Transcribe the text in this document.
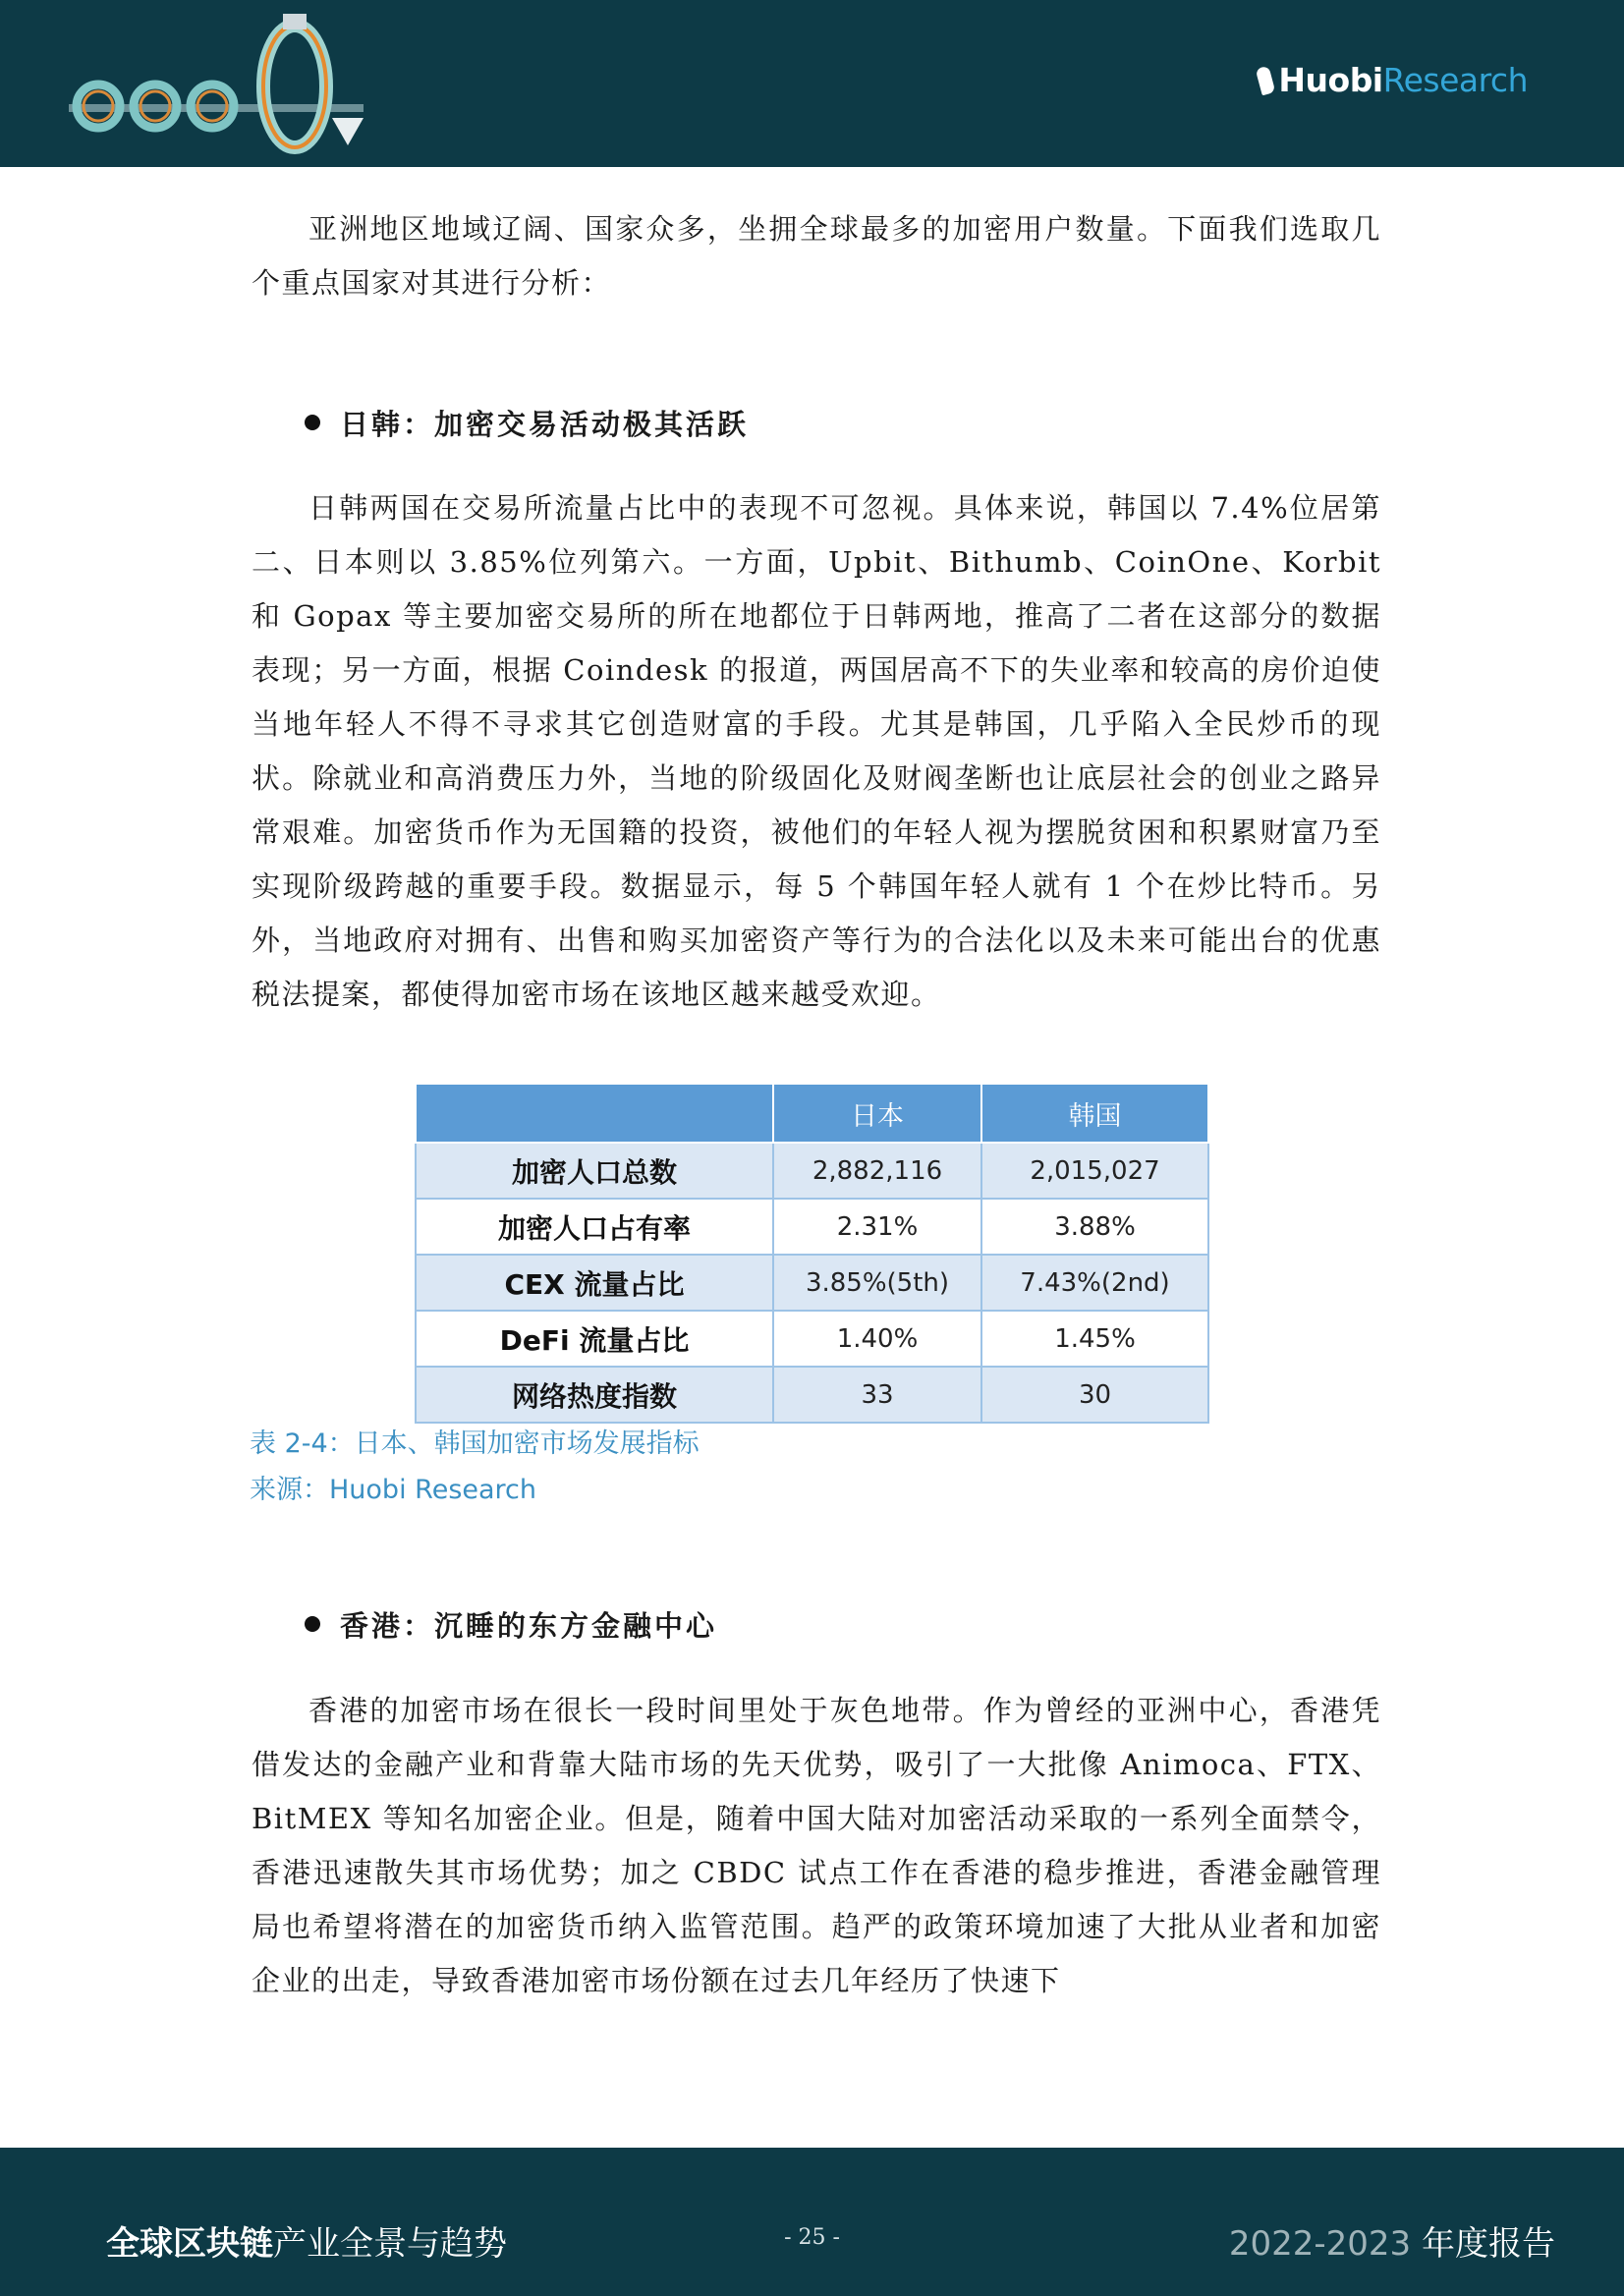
HuobiResearch
亚洲地区地域辽阔、国家众多，坐拥全球最多的加密用户数量。下面我们选取几个重点国家对其进行分析：
日韩：加密交易活动极其活跃
日韩两国在交易所流量占比中的表现不可忽视。具体来说，韩国以 7.4%位居第二、日本则以 3.85%位列第六。一方面，Upbit、Bithumb、CoinOne、Korbit 和 Gopax 等主要加密交易所的所在地都位于日韩两地，推高了二者在这部分的数据表现；另一方面，根据 Coindesk 的报道，两国居高不下的失业率和较高的房价迫使当地年轻人不得不寻求其它创造财富的手段。尤其是韩国，几乎陷入全民炒币的现状。除就业和高消费压力外，当地的阶级固化及财阀垄断也让底层社会的创业之路异常艰难。加密货币作为无国籍的投资，被他们的年轻人视为摆脱贫困和积累财富乃至实现阶级跨越的重要手段。数据显示，每 5 个韩国年轻人就有 1 个在炒比特币。另外，当地政府对拥有、出售和购买加密资产等行为的合法化以及未来可能出台的优惠税法提案，都使得加密市场在该地区越来越受欢迎。
	日本	韩国
加密人口总数	2,882,116	2,015,027
加密人口占有率	2.31%	3.88%
CEX 流量占比	3.85%(5th)	7.43%(2nd)
DeFi 流量占比	1.40%	1.45%
网络热度指数	33	30
表 2-4：日本、韩国加密市场发展指标
来源：Huobi Research
香港：沉睡的东方金融中心
香港的加密市场在很长一段时间里处于灰色地带。作为曾经的亚洲中心，香港凭借发达的金融产业和背靠大陆市场的先天优势，吸引了一大批像 Animoca、FTX、BitMEX 等知名加密企业。但是，随着中国大陆对加密活动采取的一系列全面禁令，香港迅速散失其市场优势；加之 CBDC 试点工作在香港的稳步推进，香港金融管理局也希望将潜在的加密货币纳入监管范围。趋严的政策环境加速了大批从业者和加密企业的出走，导致香港加密市场份额在过去几年经历了快速下
全球区块链产业全景与趋势	- 25 -	2022-2023 年度报告
